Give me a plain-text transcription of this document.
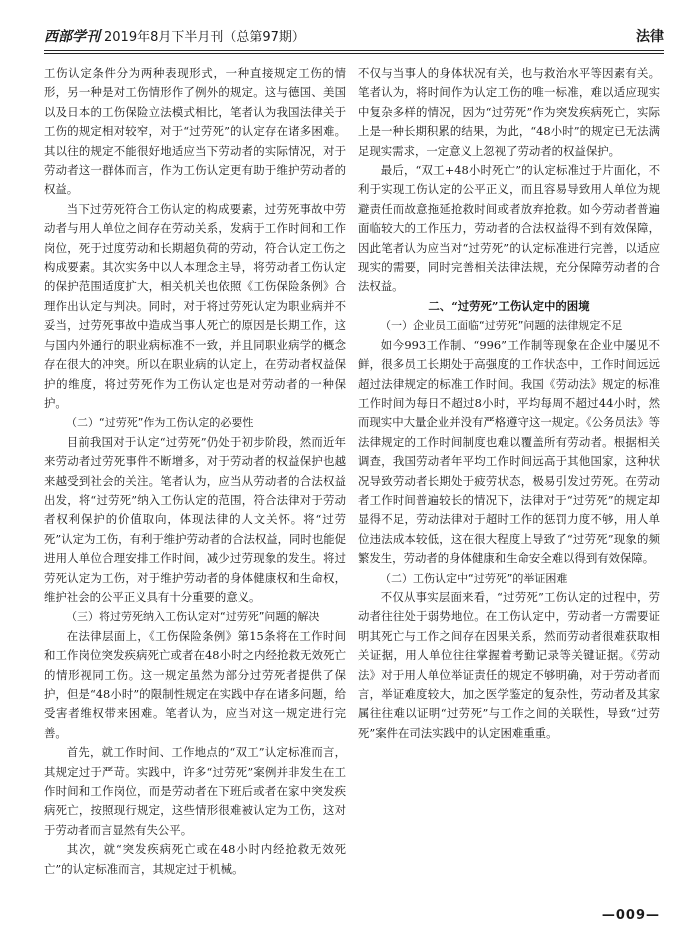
西部学刊 2019年8月下半月刊（总第97期）	法律

工伤认定条件分为两种表现形式，一种直接规定工伤的情形，另一种是对工伤情形作了例外的规定。这与德国、美国以及日本的工伤保险立法模式相比，笔者认为我国法律关于工伤的规定相对较窄，对于“过劳死”的认定存在诸多困难。其以往的规定不能很好地适应当下劳动者的实际情况，对于劳动者这一群体而言，作为工伤认定更有助于维护劳动者的权益。

当下过劳死符合工伤认定的构成要素，过劳死事故中劳动者与用人单位之间存在劳动关系，发病于工作时间和工作岗位，死于过度劳动和长期超负荷的劳动，符合认定工伤之构成要素。其次实务中以人本理念主导，将劳动者工伤认定的保护范围适度扩大，相关机关也依照《工伤保险条例》合理作出认定与判决。同时，对于将过劳死认定为职业病并不妥当，过劳死事故中造成当事人死亡的原因是长期工作，这与国内外通行的职业病标准不一致，并且同职业病学的概念存在很大的冲突。所以在职业病的认定上，在劳动者权益保护的维度，将过劳死作为工伤认定也是对劳动者的一种保护。

（二）“过劳死”作为工伤认定的必要性

目前我国对于认定“过劳死”仍处于初步阶段，然而近年来劳动者过劳死事件不断增多，对于劳动者的权益保护也越来越受到社会的关注。笔者认为，应当从劳动者的合法权益出发，将“过劳死”纳入工伤认定的范围，符合法律对于劳动者权利保护的价值取向，体现法律的人文关怀。将“过劳死”认定为工伤，有利于维护劳动者的合法权益，同时也能促进用人单位合理安排工作时间，减少过劳现象的发生。将过劳死认定为工伤，对于维护劳动者的身体健康权和生命权，维护社会的公平正义具有十分重要的意义。

（三）将过劳死纳入工伤认定对“过劳死”问题的解决

在法律层面上，《工伤保险条例》第15条将在工作时间和工作岗位突发疾病死亡或者在48小时之内经抢救无效死亡的情形视同工伤。这一规定虽然为部分过劳死者提供了保护，但是“48小时”的限制性规定在实践中存在诸多问题，给受害者维权带来困难。笔者认为，应当对这一规定进行完善。

首先，就工作时间、工作地点的“双工”认定标准而言，其规定过于严苛。实践中，许多“过劳死”案例并非发生在工作时间和工作岗位，而是劳动者在下班后或者在家中突发疾病死亡，按照现行规定，这些情形很难被认定为工伤，这对于劳动者而言显然有失公平。

其次，就“突发疾病死亡或在48小时内经抢救无效死亡”的认定标准而言，其规定过于机械。

不仅与当事人的身体状况有关，也与救治水平等因素有关。笔者认为，将时间作为认定工伤的唯一标准，难以适应现实中复杂多样的情况，因为“过劳死”作为突发疾病死亡，实际上是一种长期积累的结果，为此，“48小时”的规定已无法满足现实需求，一定意义上忽视了劳动者的权益保护。

最后，“双工+48小时死亡”的认定标准过于片面化，不利于实现工伤认定的公平正义，而且容易导致用人单位为规避责任而故意拖延抢救时间或者放弃抢救。如今劳动者普遍面临较大的工作压力，劳动者的合法权益得不到有效保障，因此笔者认为应当对“过劳死”的认定标准进行完善，以适应现实的需要，同时完善相关法律法规，充分保障劳动者的合法权益。

二、“过劳死”工伤认定中的困境

（一）企业员工面临“过劳死”问题的法律规定不足

如今993工作制、“996”工作制等现象在企业中屡见不鲜，很多员工长期处于高强度的工作状态中，工作时间远远超过法律规定的标准工作时间。我国《劳动法》规定的标准工作时间为每日不超过8小时，平均每周不超过44小时，然而现实中大量企业并没有严格遵守这一规定。《公务员法》等法律规定的工作时间制度也难以覆盖所有劳动者。根据相关调查，我国劳动者年平均工作时间远高于其他国家，这种状况导致劳动者长期处于疲劳状态，极易引发过劳死。在劳动者工作时间普遍较长的情况下，法律对于“过劳死”的规定却显得不足，劳动法律对于超时工作的惩罚力度不够，用人单位违法成本较低，这在很大程度上导致了“过劳死”现象的频繁发生，劳动者的身体健康和生命安全难以得到有效保障。

（二）工伤认定中“过劳死”的举证困难

不仅从事实层面来看，“过劳死”工伤认定的过程中，劳动者往往处于弱势地位。在工伤认定中，劳动者一方需要证明其死亡与工作之间存在因果关系，然而劳动者很难获取相关证据，用人单位往往掌握着考勤记录等关键证据。《劳动法》对于用人单位举证责任的规定不够明确，对于劳动者而言，举证难度较大，加之医学鉴定的复杂性，劳动者及其家属往往难以证明“过劳死”与工作之间的关联性，导致“过劳死”案件在司法实践中的认定困难重重。

—009—
